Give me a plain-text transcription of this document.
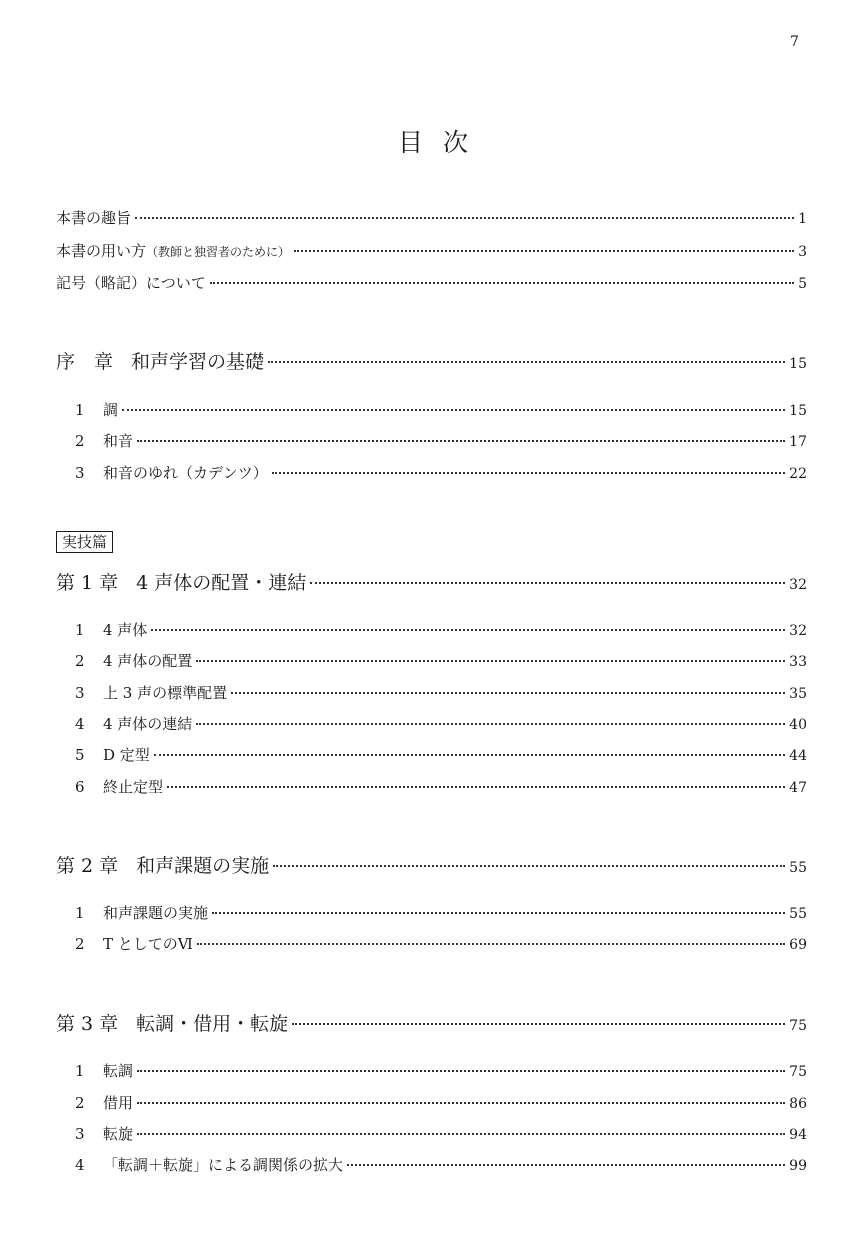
7
目次
本書の趣旨	1
本書の用い方（教師と独習者のために）	3
記号（略記）について	5
序　章 和声学習の基礎	15
1 調	15
2 和音	17
3 和音のゆれ（カデンツ）	22
実技篇
第 1 章 4 声体の配置・連結	32
1 4 声体	32
2 4 声体の配置	33
3 上 3 声の標準配置	35
4 4 声体の連結	40
5 D 定型	44
6 終止定型	47
第 2 章 和声課題の実施	55
1 和声課題の実施	55
2 T としてのⅥ	69
第 3 章 転調・借用・転旋	75
1 転調	75
2 借用	86
3 転旋	94
4 「転調＋転旋」による調関係の拡大	99
